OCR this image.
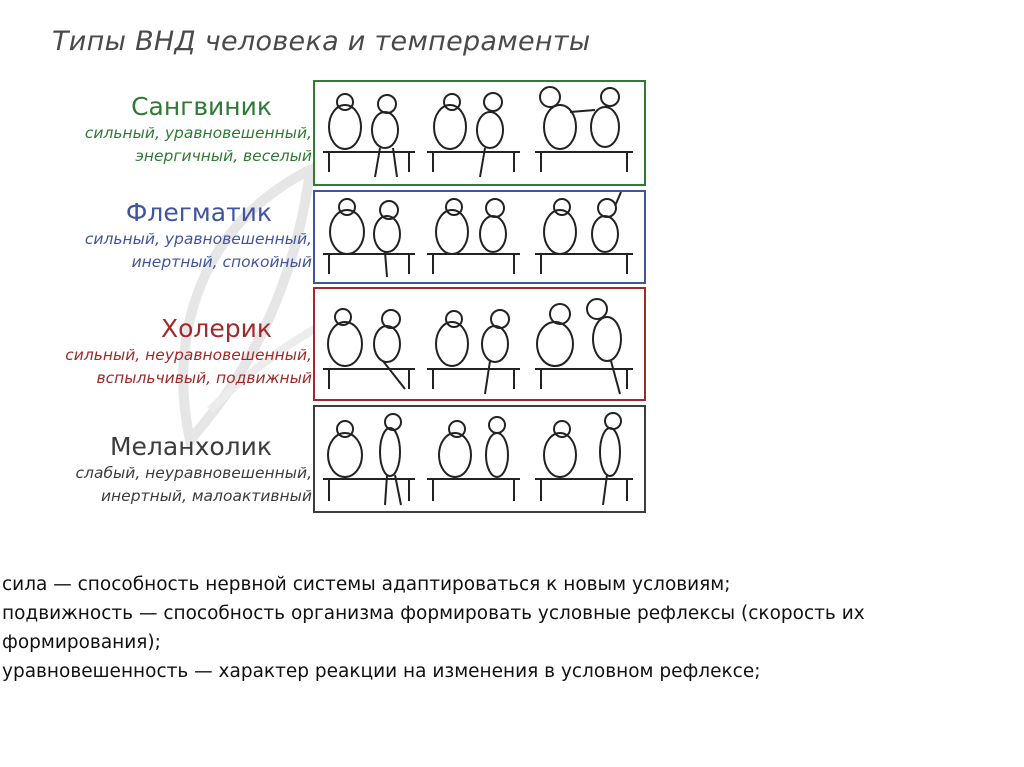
Типы ВНД человека и темпераменты
Сангвиник
сильный, уравновешенный,
энергичный, веселый
Флегматик
сильный, уравновешенный,
инертный, спокойный
Холерик
сильный, неуравновешенный,
вспыльчивый, подвижный
Меланхолик
слабый, неуравновешенный,
инертный, малоактивный

сила — способность нервной системы адаптироваться к новым условиям;

подвижность — способность организма формировать условные рефлексы (скорость их формирования);

уравновешенность — характер реакции на изменения в условном рефлексе;
